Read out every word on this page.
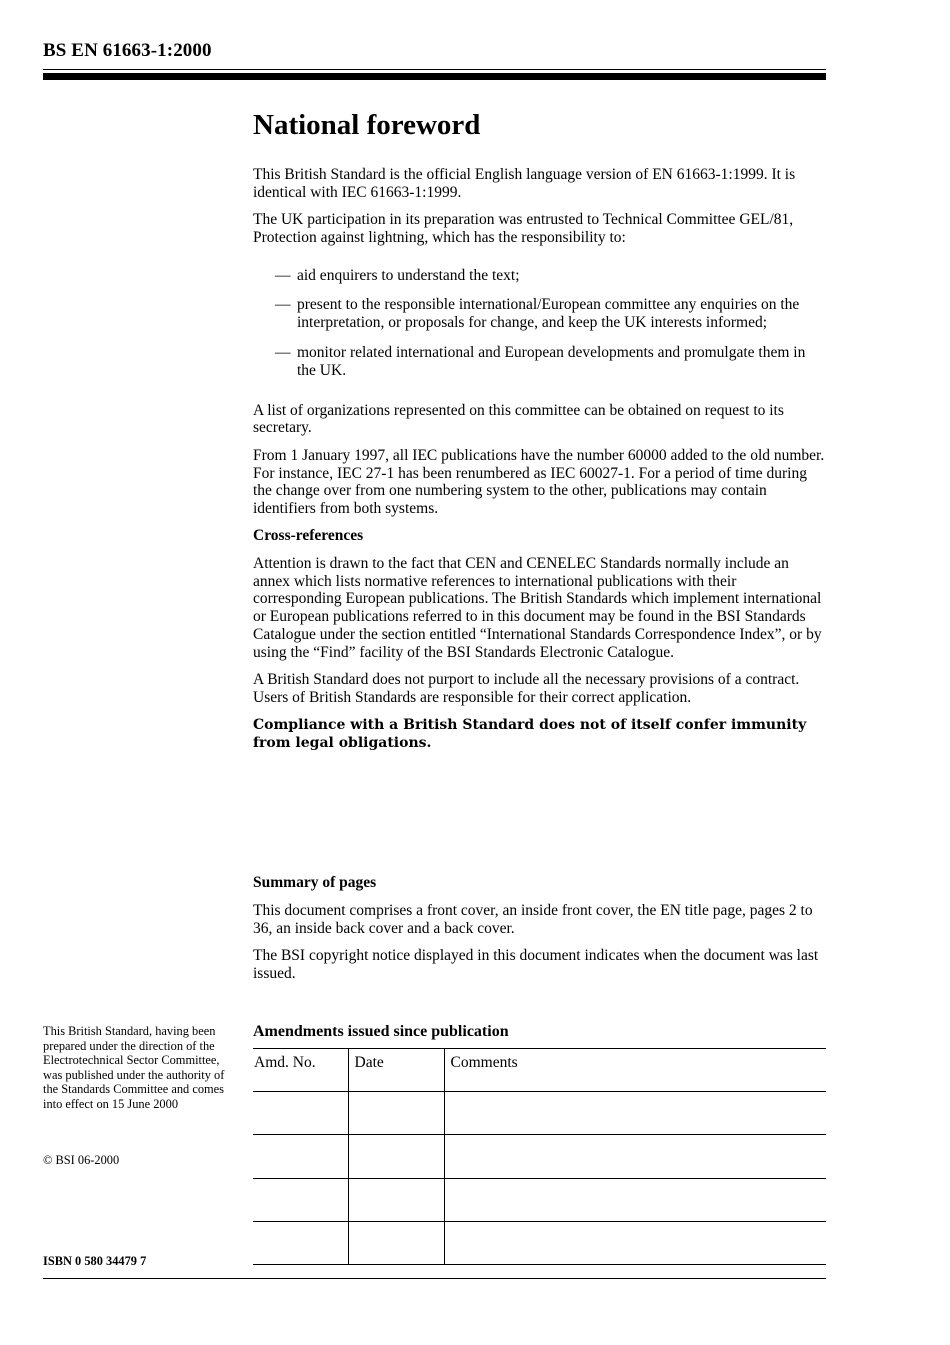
BS EN 61663-1:2000
National foreword

This British Standard is the official English language version of EN 61663-1:1999. It is identical with IEC 61663-1:1999.

The UK participation in its preparation was entrusted to Technical Committee GEL/81, Protection against lightning, which has the responsibility to:

— aid enquirers to understand the text;
— present to the responsible international/European committee any enquiries on the interpretation, or proposals for change, and keep the UK interests informed;
— monitor related international and European developments and promulgate them in the UK.

A list of organizations represented on this committee can be obtained on request to its secretary.

From 1 January 1997, all IEC publications have the number 60000 added to the old number. For instance, IEC 27-1 has been renumbered as IEC 60027-1. For a period of time during the change over from one numbering system to the other, publications may contain identifiers from both systems.

Cross-references

Attention is drawn to the fact that CEN and CENELEC Standards normally include an annex which lists normative references to international publications with their corresponding European publications. The British Standards which implement international or European publications referred to in this document may be found in the BSI Standards Catalogue under the section entitled “International Standards Correspondence Index”, or by using the “Find” facility of the BSI Standards Electronic Catalogue.

A British Standard does not purport to include all the necessary provisions of a contract. Users of British Standards are responsible for their correct application.

Compliance with a British Standard does not of itself confer immunity from legal obligations.

Summary of pages

This document comprises a front cover, an inside front cover, the EN title page, pages 2 to 36, an inside back cover and a back cover.

The BSI copyright notice displayed in this document indicates when the document was last issued.

This British Standard, having been prepared under the direction of the Electrotechnical Sector Committee, was published under the authority of the Standards Committee and comes into effect on 15 June 2000
© BSI 06-2000
ISBN 0 580 34479 7
Amendments issued since publication
Amd. No.	Date	Comments
